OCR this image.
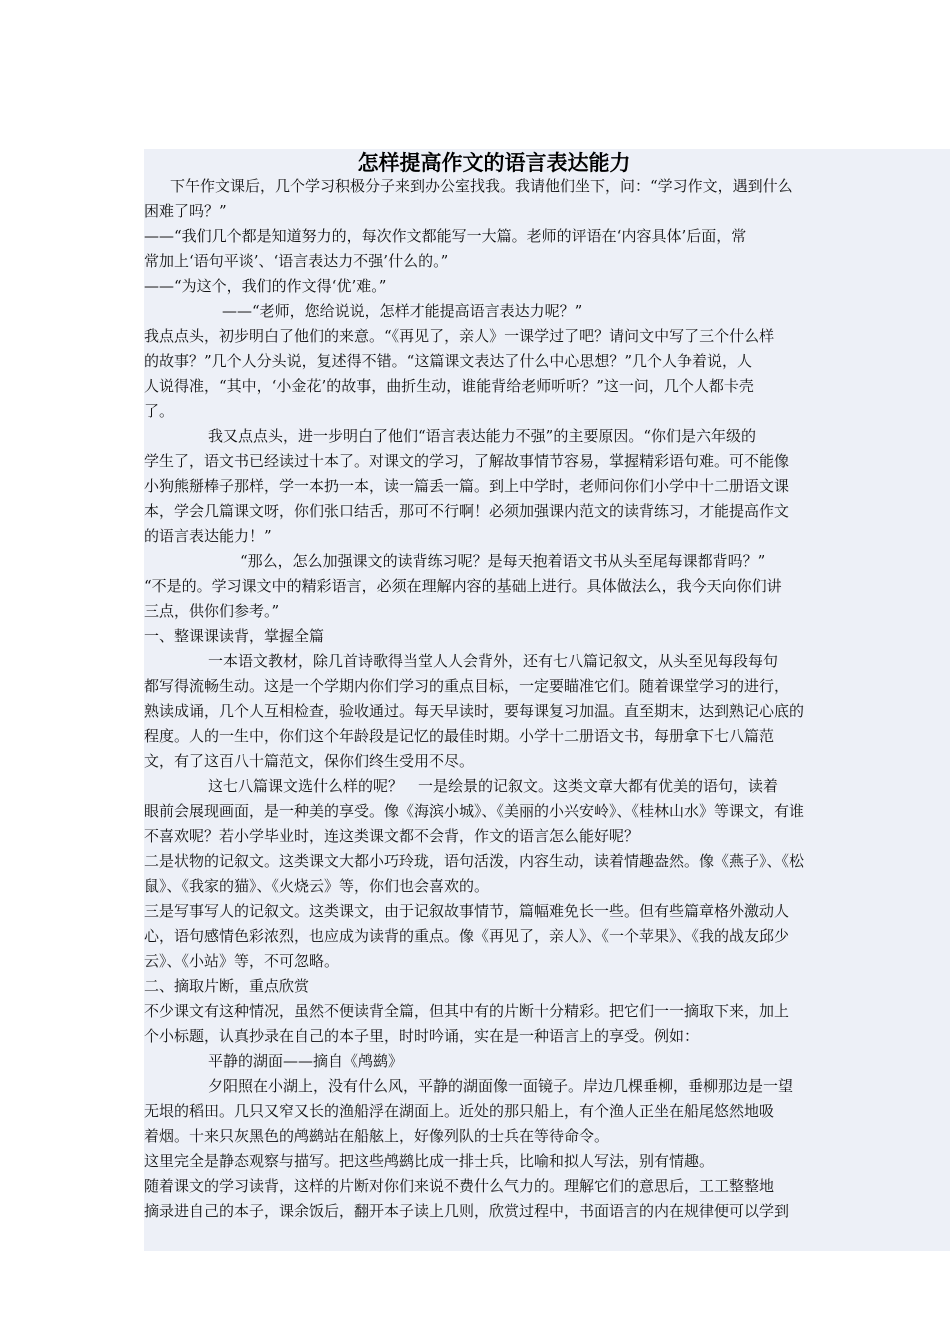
怎样提高作文的语言表达能力
下午作文课后，几个学习积极分子来到办公室找我。我请他们坐下，问：“学习作文，遇到什么
困难了吗？”
——“我们几个都是知道努力的，每次作文都能写一大篇。老师的评语在‘内容具体’后面，常
常加上‘语句平谈’、‘语言表达力不强’什么的。”
——“为这个，我们的作文得‘优’难。”
——“老师，您给说说，怎样才能提高语言表达力呢？”
我点点头，初步明白了他们的来意。“《再见了，亲人》一课学过了吧？请问文中写了三个什么样
的故事？”几个人分头说，复述得不错。“这篇课文表达了什么中心思想？”几个人争着说，人
人说得准，“其中，‘小金花’的故事，曲折生动，谁能背给老师听听？”这一问，几个人都卡壳
了。
我又点点头，进一步明白了他们“语言表达能力不强”的主要原因。“你们是六年级的
学生了，语文书已经读过十本了。对课文的学习，了解故事情节容易，掌握精彩语句难。可不能像
小狗熊掰棒子那样，学一本扔一本，读一篇丢一篇。到上中学时，老师问你们小学中十二册语文课
本，学会几篇课文呀，你们张口结舌，那可不行啊！必须加强课内范文的读背练习，才能提高作文
的语言表达能力！”
“那么，怎么加强课文的读背练习呢？是每天抱着语文书从头至尾每课都背吗？”
“不是的。学习课文中的精彩语言，必须在理解内容的基础上进行。具体做法么，我今天向你们讲
三点，供你们参考。”
一、整课课读背，掌握全篇
一本语文教材，除几首诗歌得当堂人人会背外，还有七八篇记叙文，从头至见每段每句
都写得流畅生动。这是一个学期内你们学习的重点目标，一定要瞄准它们。随着课堂学习的进行，
熟读成诵，几个人互相检查，验收通过。每天早读时，要每课复习加温。直至期末，达到熟记心底的
程度。人的一生中，你们这个年龄段是记忆的最佳时期。小学十二册语文书，每册拿下七八篇范
文，有了这百八十篇范文，保你们终生受用不尽。
这七八篇课文选什么样的呢？　一是绘景的记叙文。这类文章大都有优美的语句，读着
眼前会展现画面，是一种美的享受。像《海滨小城》、《美丽的小兴安岭》、《桂林山水》等课文，有谁
不喜欢呢？若小学毕业时，连这类课文都不会背，作文的语言怎么能好呢？
二是状物的记叙文。这类课文大都小巧玲珑，语句活泼，内容生动，读着情趣盎然。像《燕子》、《松
鼠》、《我家的猫》、《火烧云》等，你们也会喜欢的。
三是写事写人的记叙文。这类课文，由于记叙故事情节，篇幅难免长一些。但有些篇章格外激动人
心，语句感情色彩浓烈，也应成为读背的重点。像《再见了，亲人》、《一个苹果》、《我的战友邱少
云》、《小站》等，不可忽略。
二、摘取片断，重点欣赏
不少课文有这种情况，虽然不便读背全篇，但其中有的片断十分精彩。把它们一一摘取下来，加上
个小标题，认真抄录在自己的本子里，时时吟诵，实在是一种语言上的享受。例如：
平静的湖面——摘自《鸬鹚》
夕阳照在小湖上，没有什么风，平静的湖面像一面镜子。岸边几棵垂柳，垂柳那边是一望
无垠的稻田。几只又窄又长的渔船浮在湖面上。近处的那只船上，有个渔人正坐在船尾悠然地吸
着烟。十来只灰黑色的鸬鹚站在船舷上，好像列队的士兵在等待命令。
这里完全是静态观察与描写。把这些鸬鹚比成一排士兵，比喻和拟人写法，别有情趣。
随着课文的学习读背，这样的片断对你们来说不费什么气力的。理解它们的意思后，工工整整地
摘录进自己的本子，课余饭后，翻开本子读上几则，欣赏过程中，书面语言的内在规律便可以学到
